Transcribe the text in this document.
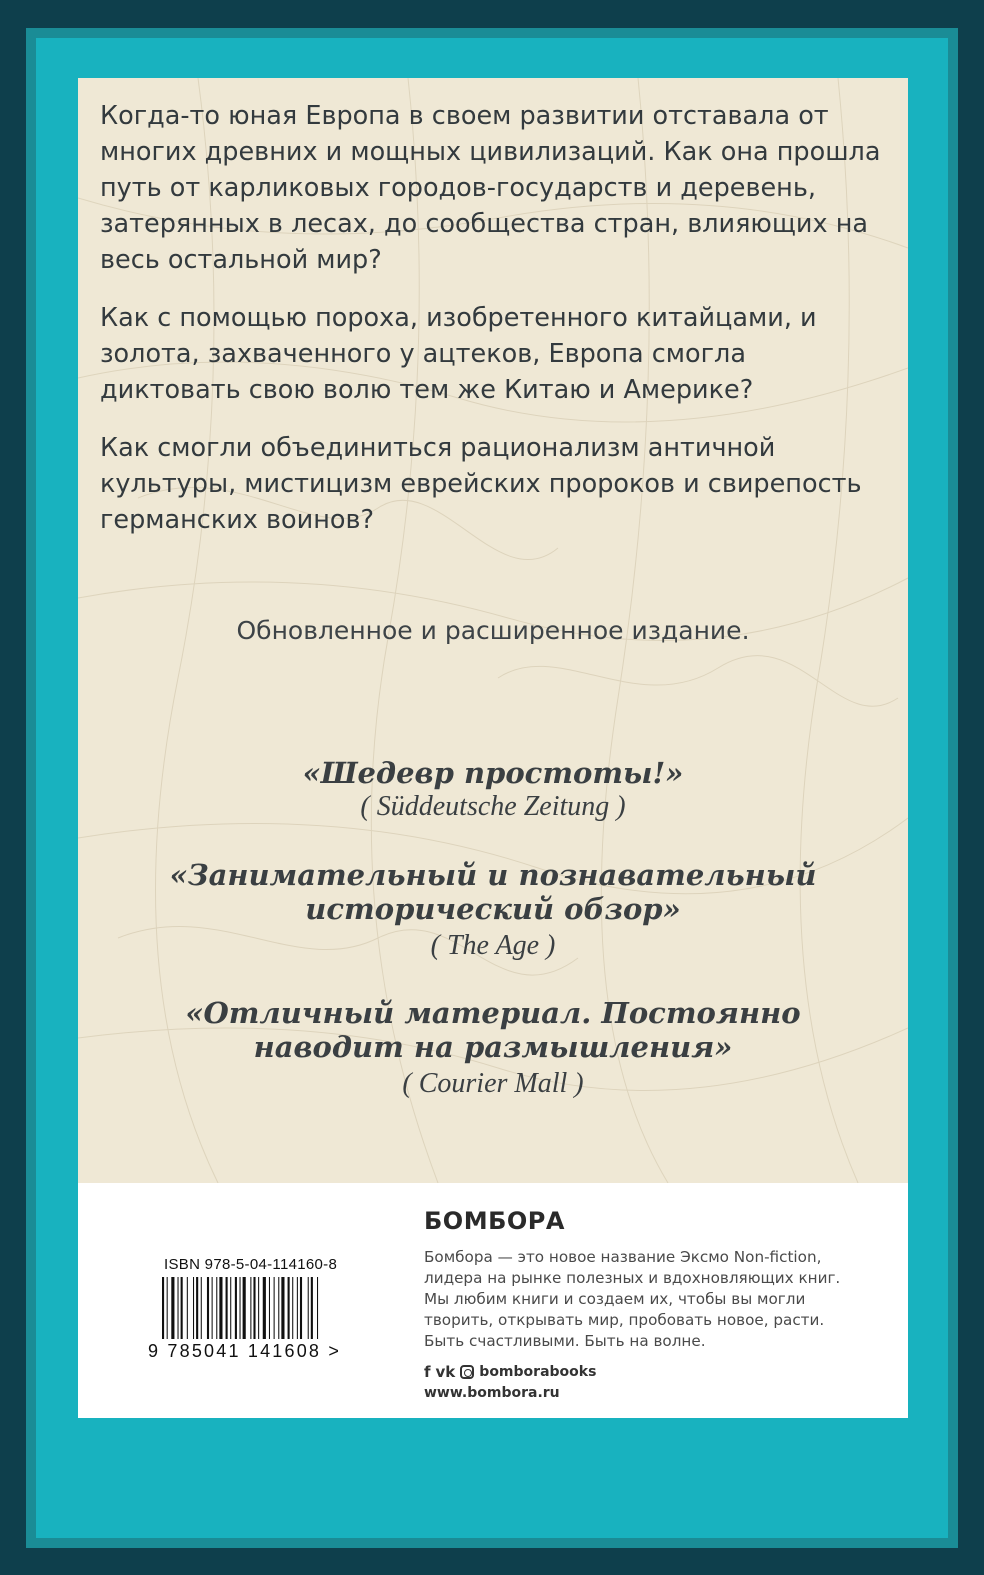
Когда-то юная Европа в своем развитии отставала от многих древних и мощных цивилизаций. Как она прошла путь от карликовых городов-государств и деревень, затерянных в лесах, до сообщества стран, влияющих на весь остальной мир?

Как с помощью пороха, изобретенного китайцами, и золота, захваченного у ацтеков, Европа смогла диктовать свою волю тем же Китаю и Америке?

Как смогли объединиться рационализм античной культуры, мистицизм еврейских пророков и свирепость германских воинов?

Обновленное и расширенное издание.
«Шедевр простоты!»
( Süddeutsche Zeitung )
«Занимательный и познавательный
исторический обзор»
( The Age )
«Отличный материал. Постоянно
наводит на размышления»
( Courier Mall )
ISBN 978-5-04-114160-8
9 785041 141608 >
БОМБОРА
Бомбора — это новое название Эксмо Non-fiction,
лидера на рынке полезных и вдохновляющих книг.
Мы любим книги и создаем их, чтобы вы могли
творить, открывать мир, пробовать новое, расти.
Быть счастливыми. Быть на волне.
f vk bomborabooks
www.bombora.ru
